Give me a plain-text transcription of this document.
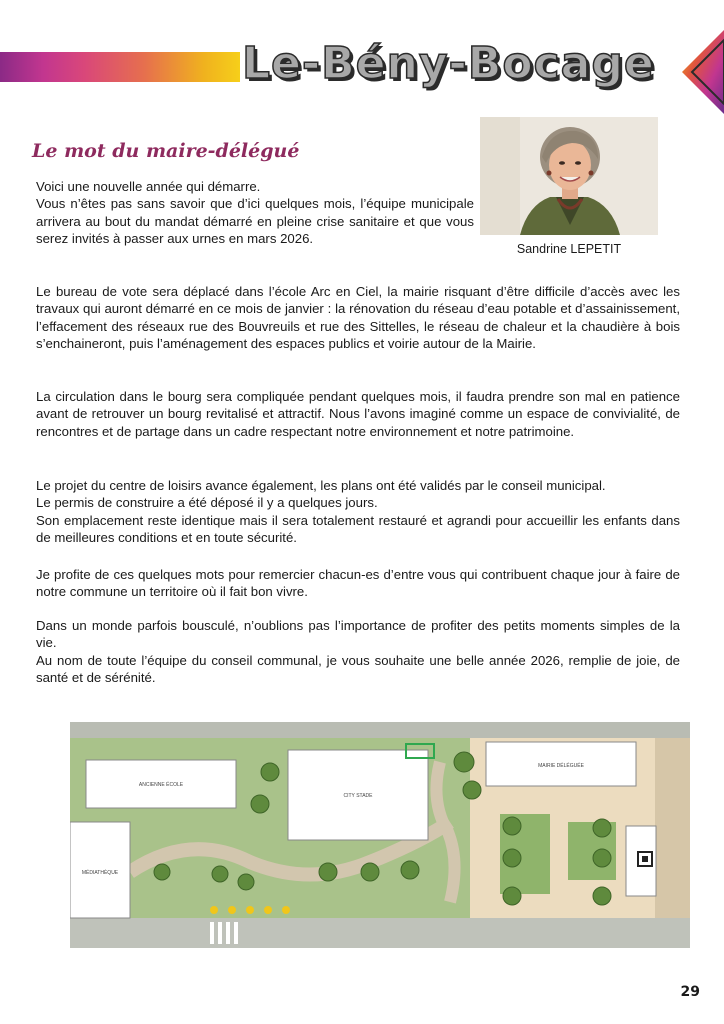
Le-Bény-Bocage
Le mot du maire-délégué
Sandrine LEPETIT

Voici une nouvelle année qui démarre.
Vous n’êtes pas sans savoir que d’ici quelques mois, l’équipe municipale arrivera au bout du mandat démarré en pleine crise sanitaire et que vous serez invités à passer aux urnes en mars 2026.

Le bureau de vote sera déplacé dans l’école Arc en Ciel, la mairie risquant d’être difficile d’accès avec les travaux qui auront démarré en ce mois de janvier : la rénovation du réseau d’eau potable et d’assainissement, l’effacement des réseaux rue des Bouvreuils et rue des Sittelles, le réseau de chaleur et la chaudière à bois s’enchaineront, puis l’aménagement des espaces publics et voirie autour de la Mairie.

La circulation dans le bourg sera compliquée pendant quelques mois, il faudra prendre son mal en patience avant de retrouver un bourg revitalisé et attractif. Nous l’avons imaginé comme un espace de convivialité, de rencontres et de partage dans un cadre respectant notre environnement et notre patrimoine.

Le projet du centre de loisirs avance également, les plans ont été validés par le conseil municipal.
Le permis de construire a été déposé il y a quelques jours.
Son emplacement reste identique mais il sera totalement restauré et agrandi pour accueillir les enfants dans de meilleures conditions et en toute sécurité.

Je profite de ces quelques mots pour remercier chacun-es d’entre vous qui contribuent chaque jour à faire de notre commune un territoire où il fait bon vivre.

Dans un monde parfois bousculé, n’oublions pas l’importance de profiter des petits moments simples de la vie.
Au nom de toute l’équipe du conseil communal, je vous souhaite une belle année 2026, remplie de joie, de santé et de sérénité.

ANCIENNE ÉCOLE
CITY STADE
MAIRIE DÉLÉGUÉE
MÉDIATHÈQUE
29
